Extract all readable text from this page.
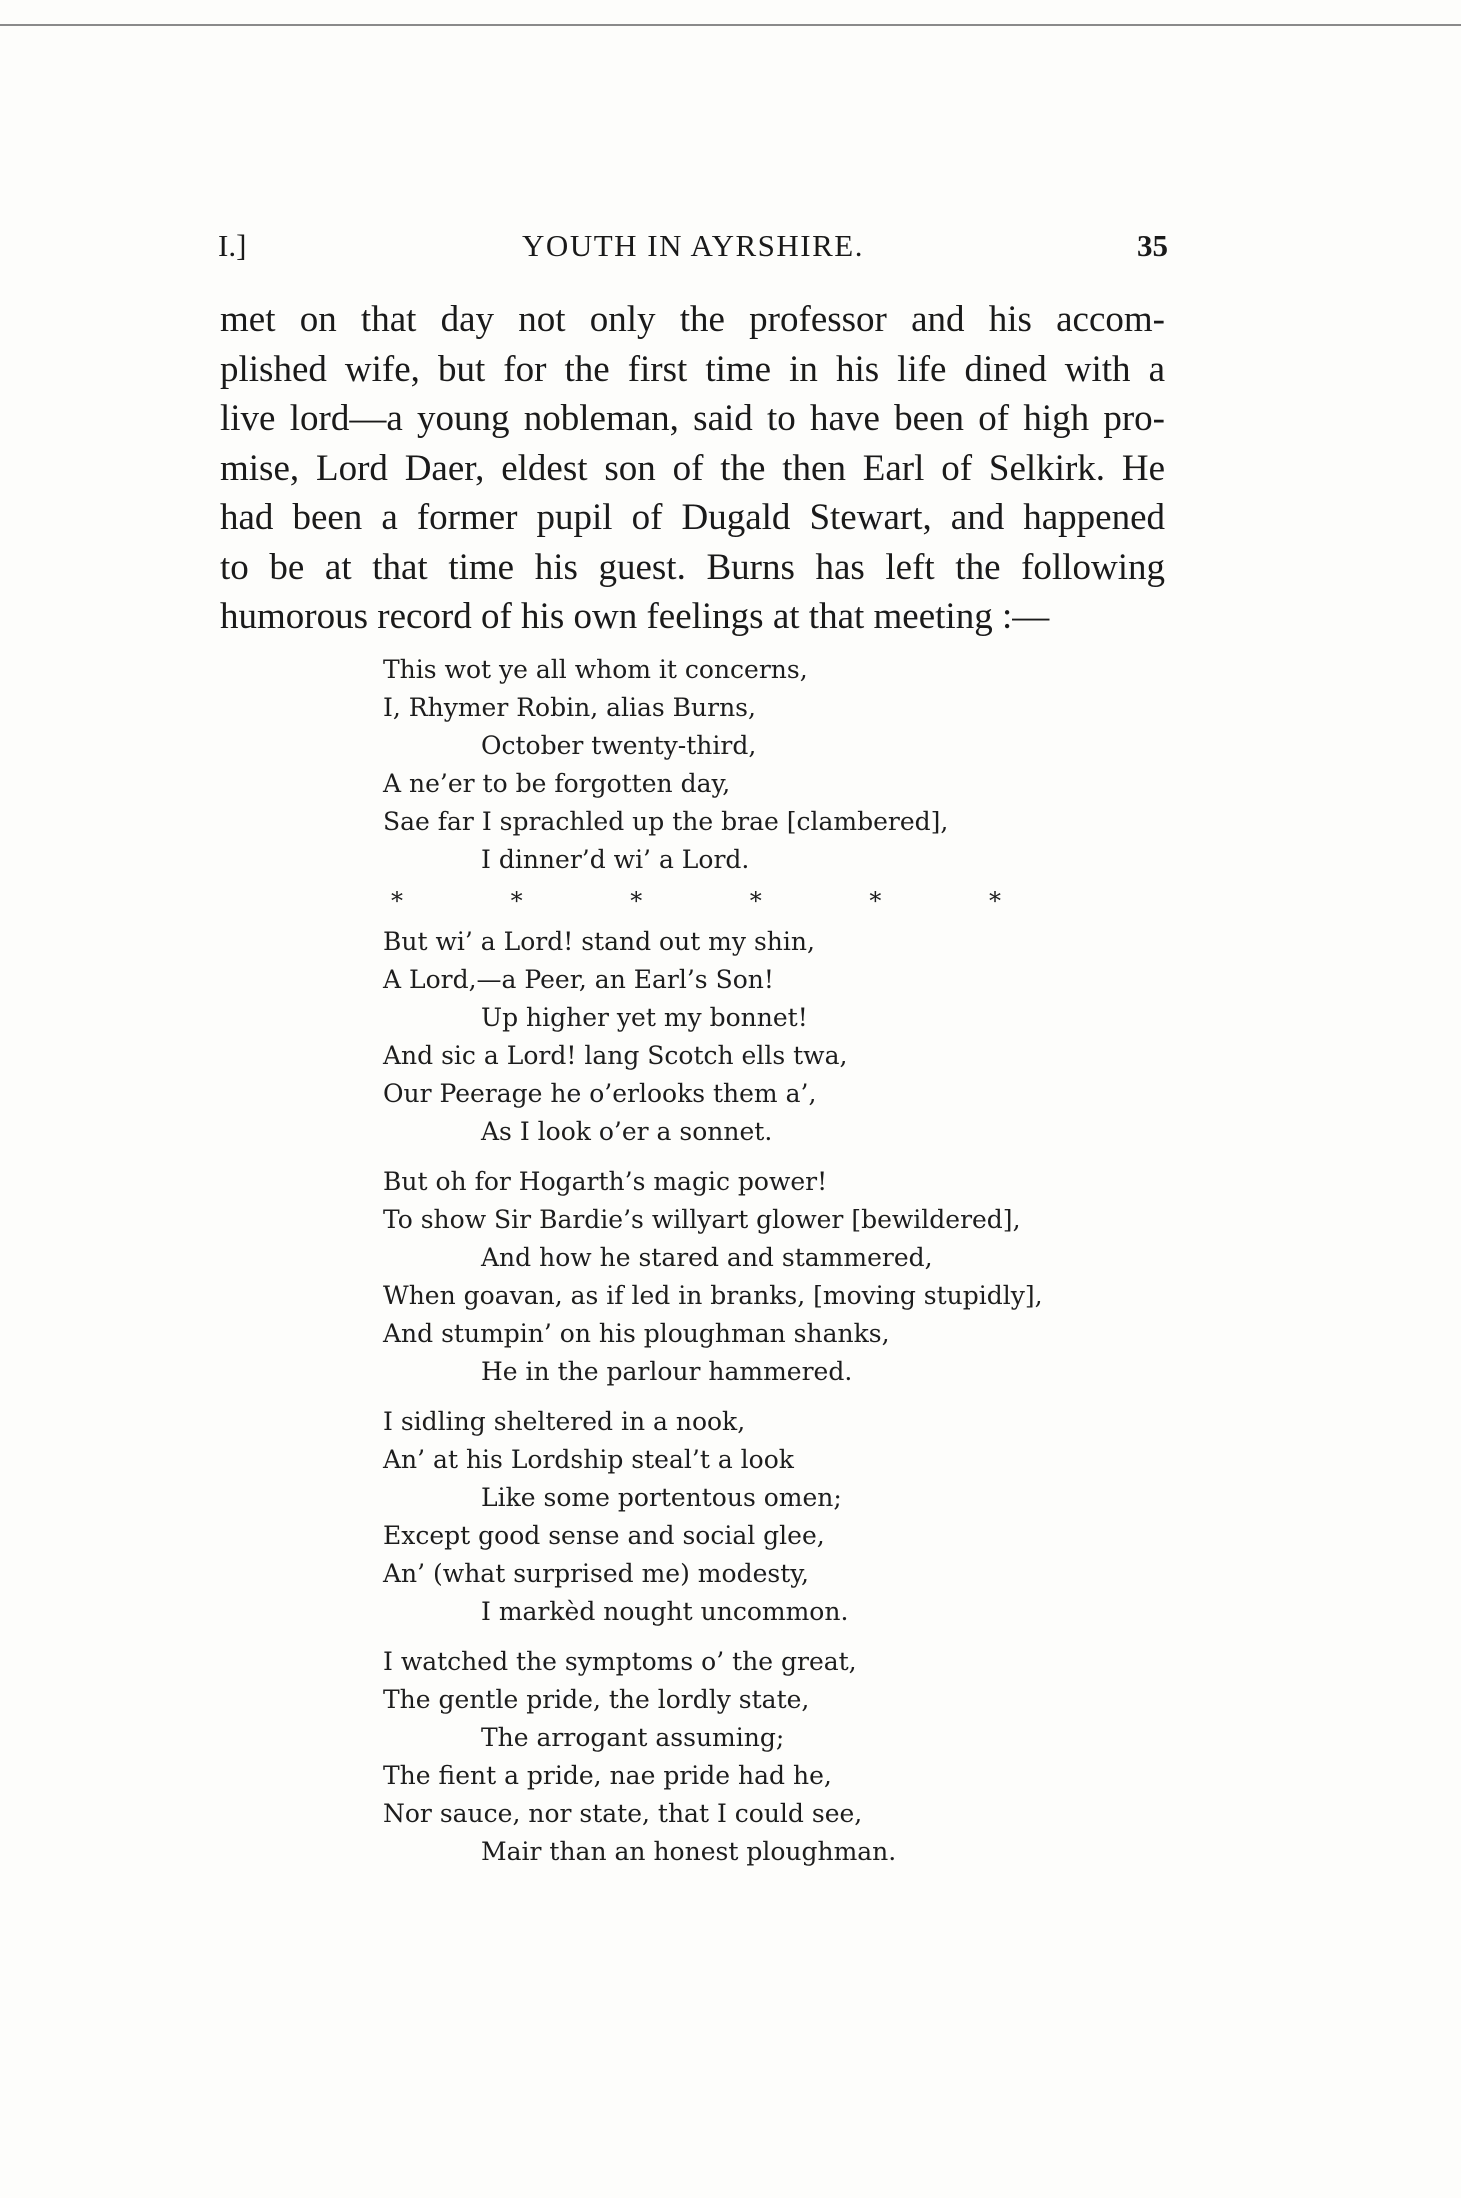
I.]	YOUTH IN AYRSHIRE.	35
met on that day not only the professor and his accom-
plished wife, but for the first time in his life dined with a
live lord—a young nobleman, said to have been of high pro-
mise, Lord Daer, eldest son of the then Earl of Selkirk. He
had been a former pupil of Dugald Stewart, and happened
to be at that time his guest. Burns has left the following
humorous record of his own feelings at that meeting :—
This wot ye all whom it concerns,
I, Rhymer Robin, alias Burns,
October twenty-third,
A ne’er to be forgotten day,
Sae far I sprachled up the brae [clambered],
I dinner’d wi’ a Lord.
*	*	*	*	*	*
But wi’ a Lord! stand out my shin,
A Lord,—a Peer, an Earl’s Son!
Up higher yet my bonnet!
And sic a Lord! lang Scotch ells twa,
Our Peerage he o’erlooks them a’,
As I look o’er a sonnet.
But oh for Hogarth’s magic power!
To show Sir Bardie’s willyart glower [bewildered],
And how he stared and stammered,
When goavan, as if led in branks, [moving stupidly],
And stumpin’ on his ploughman shanks,
He in the parlour hammered.
I sidling sheltered in a nook,
An’ at his Lordship steal’t a look
Like some portentous omen;
Except good sense and social glee,
An’ (what surprised me) modesty,
I markèd nought uncommon.
I watched the symptoms o’ the great,
The gentle pride, the lordly state,
The arrogant assuming;
The fient a pride, nae pride had he,
Nor sauce, nor state, that I could see,
Mair than an honest ploughman.
